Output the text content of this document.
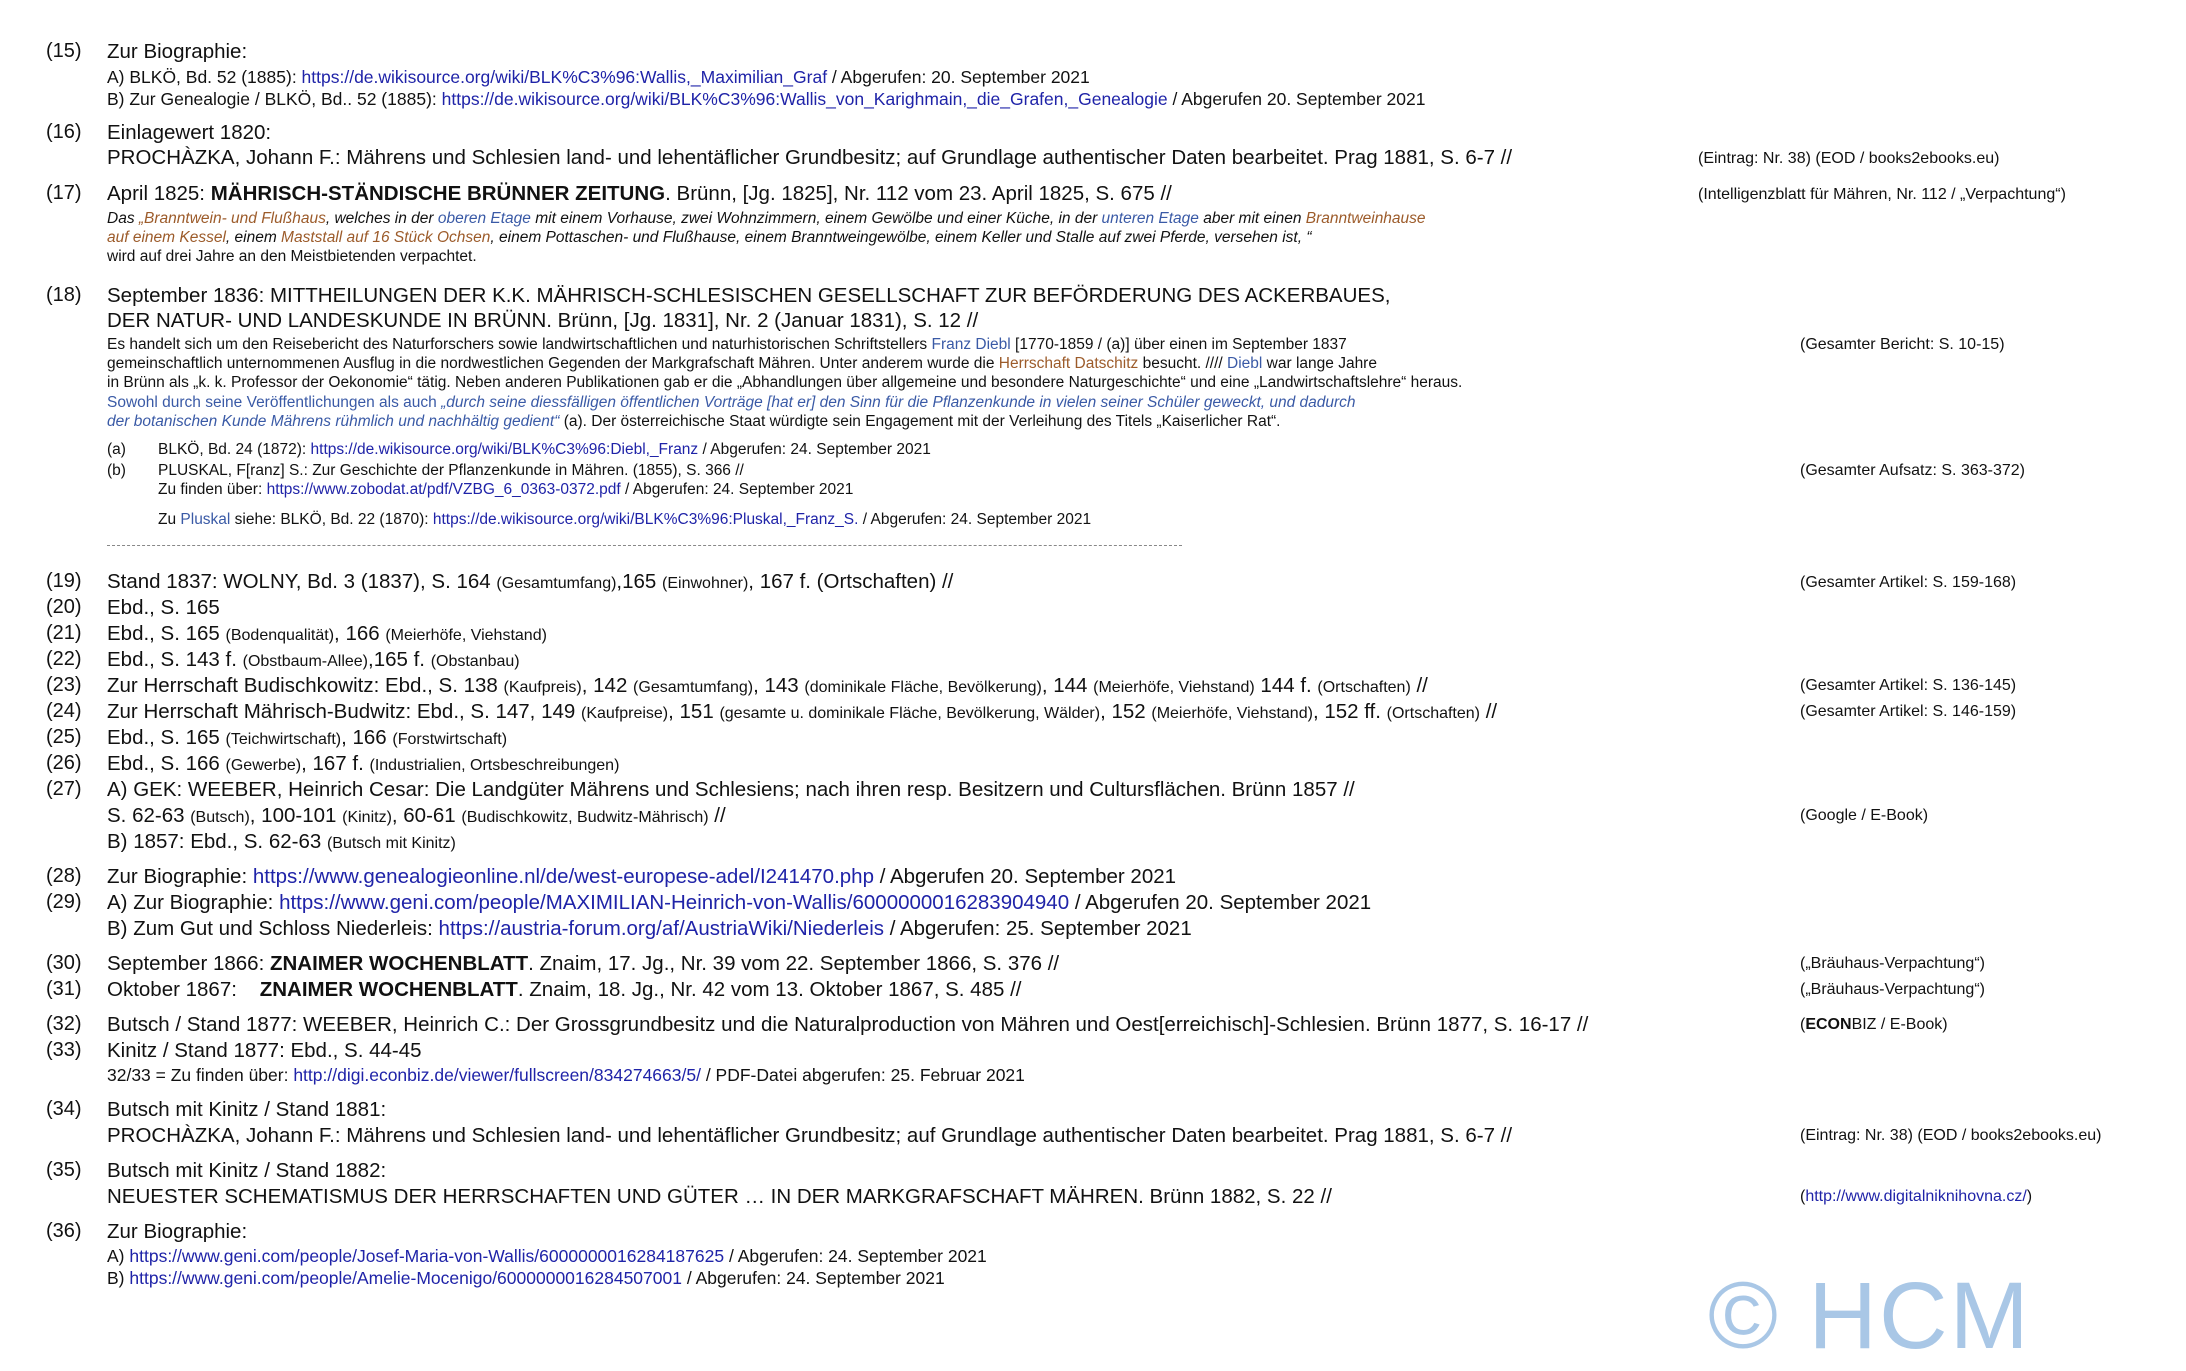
(15) Zur Biographie:
A) BLKÖ, Bd. 52 (1885): https://de.wikisource.org/wiki/BLK%C3%96:Wallis,_Maximilian_Graf / Abgerufen: 20. September 2021
B) Zur Genealogie / BLKÖ, Bd.. 52 (1885): https://de.wikisource.org/wiki/BLK%C3%96:Wallis_von_Karighmain,_die_Grafen,_Genealogie / Abgerufen 20. September 2021
(16) Einlagewert 1820:
PROCHÀZKA, Johann F.: Mährens und Schlesien land- und lehentäflicher Grundbesitz; auf Grundlage authentischer Daten bearbeitet. Prag 1881, S. 6-7 //	(Eintrag: Nr. 38) (EOD / books2ebooks.eu)
(17) April 1825: MÄHRISCH-STÄNDISCHE BRÜNNER ZEITUNG. Brünn, [Jg. 1825], Nr. 112 vom 23. April 1825, S. 675 //	(Intelligenzblatt für Mähren, Nr. 112 / „Verpachtung“)
Das „Branntwein- und Flußhaus, welches in der oberen Etage mit einem Vorhause, zwei Wohnzimmern, einem Gewölbe und einer Küche, in der unteren Etage aber mit einen Branntweinhause
auf einem Kessel, einem Maststall auf 16 Stück Ochsen, einem Pottaschen- und Flußhause, einem Branntweingewölbe, einem Keller und Stalle auf zwei Pferde, versehen ist, “
wird auf drei Jahre an den Meistbietenden verpachtet.
(18) September 1836: MITTHEILUNGEN DER K.K. MÄHRISCH-SCHLESISCHEN GESELLSCHAFT ZUR BEFÖRDERUNG DES ACKERBAUES,
DER NATUR- UND LANDESKUNDE IN BRÜNN. Brünn, [Jg. 1831], Nr. 2 (Januar 1831), S. 12 //
Es handelt sich um den Reisebericht des Naturforschers sowie landwirtschaftlichen und naturhistorischen Schriftstellers Franz Diebl [1770-1859 / (a)] über einen im September 1837	(Gesamter Bericht: S. 10-15)
gemeinschaftlich unternommenen Ausflug in die nordwestlichen Gegenden der Markgrafschaft Mähren. Unter anderem wurde die Herrschaft Datschitz besucht. //// Diebl war lange Jahre
in Brünn als „k. k. Professor der Oekonomie“ tätig. Neben anderen Publikationen gab er die „Abhandlungen über allgemeine und besondere Naturgeschichte“ und eine „Landwirtschaftslehre“ heraus.
Sowohl durch seine Veröffentlichungen als auch „durch seine diessfälligen öffentlichen Vorträge [hat er] den Sinn für die Pflanzenkunde in vielen seiner Schüler geweckt, und dadurch
der botanischen Kunde Mährens rühmlich und nachhältig gedient“ (a). Der österreichische Staat würdigte sein Engagement mit der Verleihung des Titels „Kaiserlicher Rat“.
(a) BLKÖ, Bd. 24 (1872): https://de.wikisource.org/wiki/BLK%C3%96:Diebl,_Franz / Abgerufen: 24. September 2021
(b) PLUSKAL, F[ranz] S.: Zur Geschichte der Pflanzenkunde in Mähren. (1855), S. 366 //	(Gesamter Aufsatz: S. 363-372)
Zu finden über: https://www.zobodat.at/pdf/VZBG_6_0363-0372.pdf / Abgerufen: 24. September 2021
Zu Pluskal siehe: BLKÖ, Bd. 22 (1870): https://de.wikisource.org/wiki/BLK%C3%96:Pluskal,_Franz_S. / Abgerufen: 24. September 2021
(19) Stand 1837: WOLNY, Bd. 3 (1837), S. 164 (Gesamtumfang),165 (Einwohner), 167 f. (Ortschaften) //	(Gesamter Artikel: S. 159-168)
(20) Ebd., S. 165
(21) Ebd., S. 165 (Bodenqualität), 166 (Meierhöfe, Viehstand)
(22) Ebd., S. 143 f. (Obstbaum-Allee),165 f. (Obstanbau)
(23) Zur Herrschaft Budischkowitz: Ebd., S. 138 (Kaufpreis), 142 (Gesamtumfang), 143 (dominikale Fläche, Bevölkerung), 144 (Meierhöfe, Viehstand) 144 f. (Ortschaften) //	(Gesamter Artikel: S. 136-145)
(24) Zur Herrschaft Mährisch-Budwitz: Ebd., S. 147, 149 (Kaufpreise), 151 (gesamte u. dominikale Fläche, Bevölkerung, Wälder), 152 (Meierhöfe, Viehstand), 152 ff. (Ortschaften) //	(Gesamter Artikel: S. 146-159)
(25) Ebd., S. 165 (Teichwirtschaft), 166 (Forstwirtschaft)
(26) Ebd., S. 166 (Gewerbe), 167 f. (Industrialien, Ortsbeschreibungen)
(27) A) GEK: WEEBER, Heinrich Cesar: Die Landgüter Mährens und Schlesiens; nach ihren resp. Besitzern und Cultursflächen. Brünn 1857 //
S. 62-63 (Butsch), 100-101 (Kinitz), 60-61 (Budischkowitz, Budwitz-Mährisch) //	(Google / E-Book)
B) 1857: Ebd., S. 62-63 (Butsch mit Kinitz)
(28) Zur Biographie: https://www.genealogieonline.nl/de/west-europese-adel/I241470.php / Abgerufen 20. September 2021
(29) A) Zur Biographie: https://www.geni.com/people/MAXIMILIAN-Heinrich-von-Wallis/6000000016283904940 / Abgerufen 20. September 2021
B) Zum Gut und Schloss Niederleis: https://austria-forum.org/af/AustriaWiki/Niederleis / Abgerufen: 25. September 2021
(30) September 1866: ZNAIMER WOCHENBLATT. Znaim, 17. Jg., Nr. 39 vom 22. September 1866, S. 376 //	(„Bräuhaus-Verpachtung“)
(31) Oktober 1867:    ZNAIMER WOCHENBLATT. Znaim, 18. Jg., Nr. 42 vom 13. Oktober 1867, S. 485 //	(„Bräuhaus-Verpachtung“)
(32) Butsch / Stand 1877: WEEBER, Heinrich C.: Der Grossgrundbesitz und die Naturalproduction von Mähren und Oest[erreichisch]-Schlesien. Brünn 1877, S. 16-17 //	(ECONBIZ / E-Book)
(33) Kinitz / Stand 1877: Ebd., S. 44-45
32/33 = Zu finden über: http://digi.econbiz.de/viewer/fullscreen/834274663/5/ / PDF-Datei abgerufen: 25. Februar 2021
(34) Butsch mit Kinitz / Stand 1881:
PROCHÀZKA, Johann F.: Mährens und Schlesien land- und lehentäflicher Grundbesitz; auf Grundlage authentischer Daten bearbeitet. Prag 1881, S. 6-7 //	(Eintrag: Nr. 38) (EOD / books2ebooks.eu)
(35) Butsch mit Kinitz / Stand 1882:
NEUESTER SCHEMATISMUS DER HERRSCHAFTEN UND GÜTER … IN DER MARKGRAFSCHAFT MÄHREN. Brünn 1882, S. 22 //	(http://www.digitalniknihovna.cz/)
(36) Zur Biographie:
A) https://www.geni.com/people/Josef-Maria-von-Wallis/6000000016284187625 / Abgerufen: 24. September 2021
B) https://www.geni.com/people/Amelie-Mocenigo/6000000016284507001 / Abgerufen: 24. September 2021	© HCM
